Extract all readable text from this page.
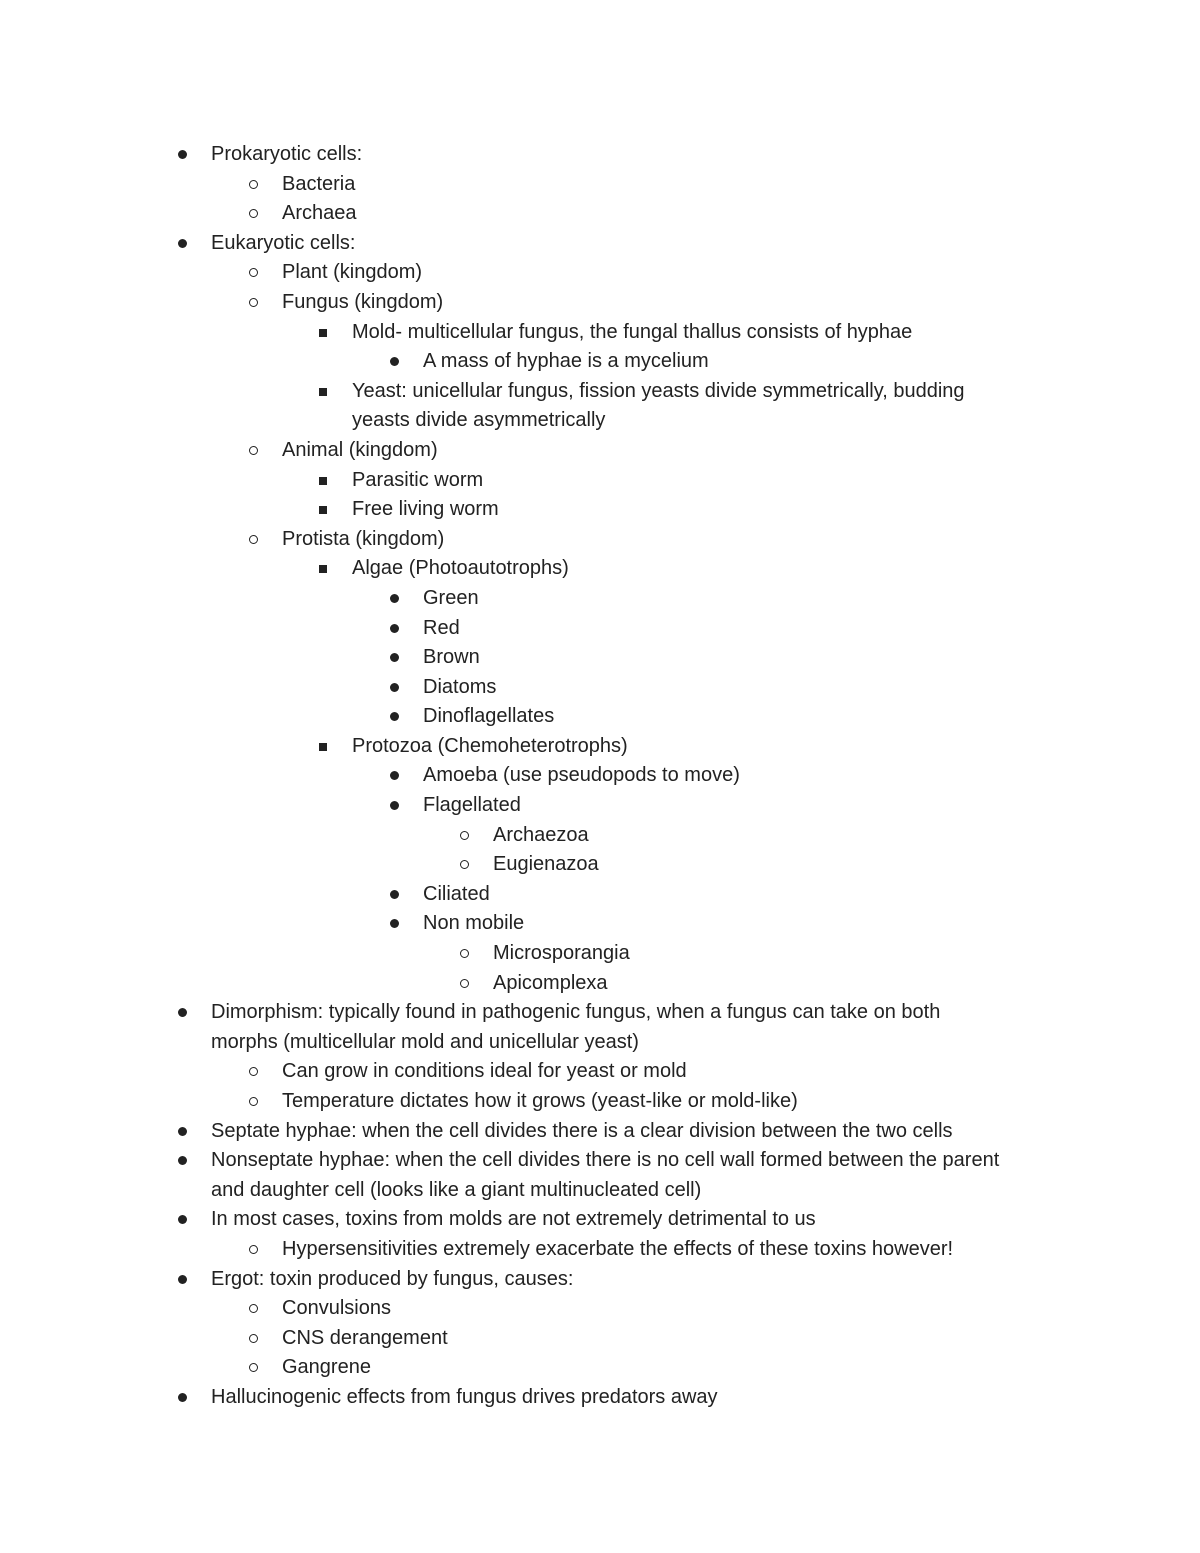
Prokaryotic cells:
Bacteria
Archaea
Eukaryotic cells:
Plant (kingdom)
Fungus (kingdom)
Mold- multicellular fungus, the fungal thallus consists of hyphae
A mass of hyphae is a mycelium
Yeast: unicellular fungus, fission yeasts divide symmetrically, budding yeasts divide asymmetrically
Animal (kingdom)
Parasitic worm
Free living worm
Protista (kingdom)
Algae (Photoautotrophs)
Green
Red
Brown
Diatoms
Dinoflagellates
Protozoa (Chemoheterotrophs)
Amoeba (use pseudopods to move)
Flagellated
Archaezoa
Eugienazoa
Ciliated
Non mobile
Microsporangia
Apicomplexa
Dimorphism: typically found in pathogenic fungus, when a fungus can take on both morphs (multicellular mold and unicellular yeast)
Can grow in conditions ideal for yeast or mold
Temperature dictates how it grows (yeast-like or mold-like)
Septate hyphae: when the cell divides there is a clear division between the two cells
Nonseptate hyphae: when the cell divides there is no cell wall formed between the parent and daughter cell (looks like a giant multinucleated cell)
In most cases, toxins from molds are not extremely detrimental to us
Hypersensitivities extremely exacerbate the effects of these toxins however!
Ergot: toxin produced by fungus, causes:
Convulsions
CNS derangement
Gangrene
Hallucinogenic effects from fungus drives predators away
